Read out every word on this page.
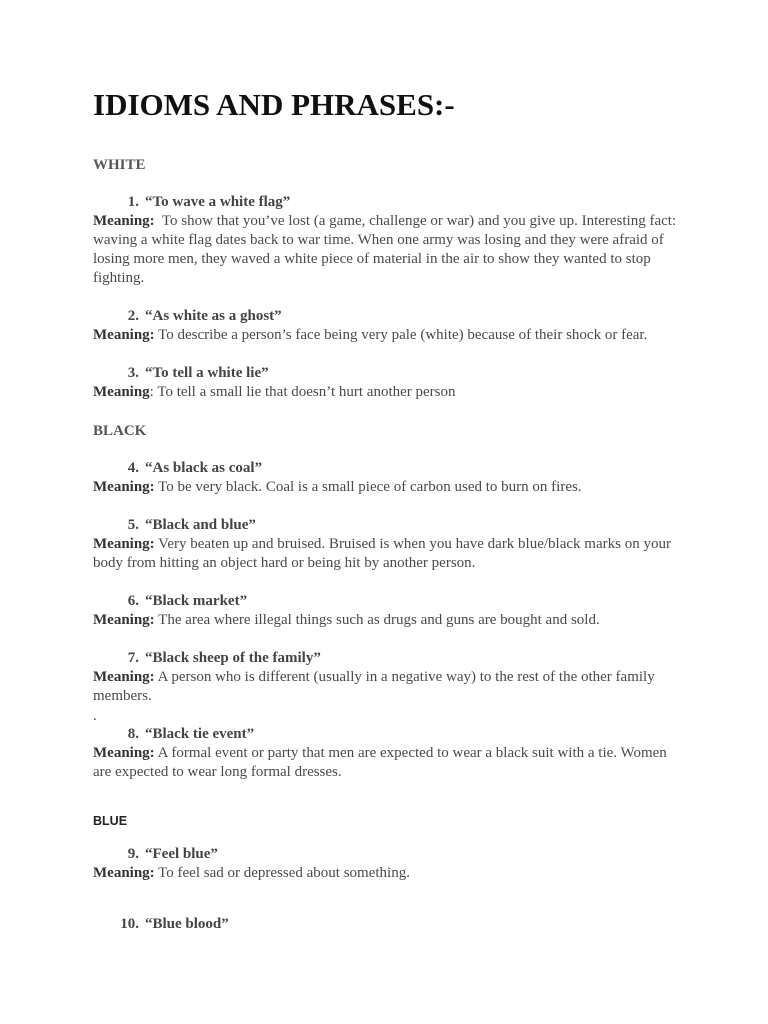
IDIOMS AND PHRASES:-

WHITE

1. “To wave a white flag”

Meaning: To show that you’ve lost (a game, challenge or war) and you give up. Interesting fact: waving a white flag dates back to war time. When one army was losing and they were afraid of losing more men, they waved a white piece of material in the air to show they wanted to stop fighting.

2. “As white as a ghost”

Meaning: To describe a person’s face being very pale (white) because of their shock or fear.

3. “To tell a white lie”

Meaning: To tell a small lie that doesn’t hurt another person

BLACK

4. “As black as coal”

Meaning: To be very black. Coal is a small piece of carbon used to burn on fires.

5. “Black and blue”

Meaning: Very beaten up and bruised. Bruised is when you have dark blue/black marks on your body from hitting an object hard or being hit by another person.

6. “Black market”

Meaning: The area where illegal things such as drugs and guns are bought and sold.

7. “Black sheep of the family”

Meaning: A person who is different (usually in a negative way) to the rest of the other family members.

.

8. “Black tie event”

Meaning: A formal event or party that men are expected to wear a black suit with a tie. Women are expected to wear long formal dresses.

BLUE

9. “Feel blue”

Meaning: To feel sad or depressed about something.

10. “Blue blood”
